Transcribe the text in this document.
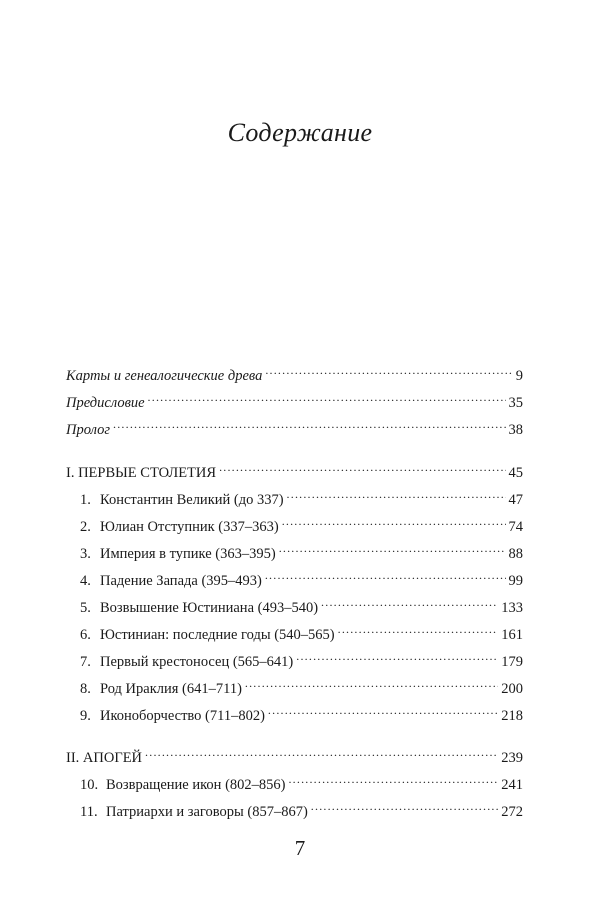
Содержание
Карты и генеалогические древа .....	9
Предисловие .....	35
Пролог .....	38
I. ПЕРВЫЕ СТОЛЕТИЯ .....	45
1. Константин Великий (до 337) .....	47
2. Юлиан Отступник (337–363) .....	74
3. Империя в тупике (363–395) .....	88
4. Падение Запада (395–493) .....	99
5. Возвышение Юстиниана (493–540) .....	133
6. Юстиниан: последние годы (540–565) .....	161
7. Первый крестоносец (565–641) .....	179
8. Род Ираклия (641–711) .....	200
9. Иконоборчество (711–802) .....	218
II. АПОГЕЙ .....	239
10. Возвращение икон (802–856) .....	241
11. Патриархи и заговоры (857–867) .....	272
7
